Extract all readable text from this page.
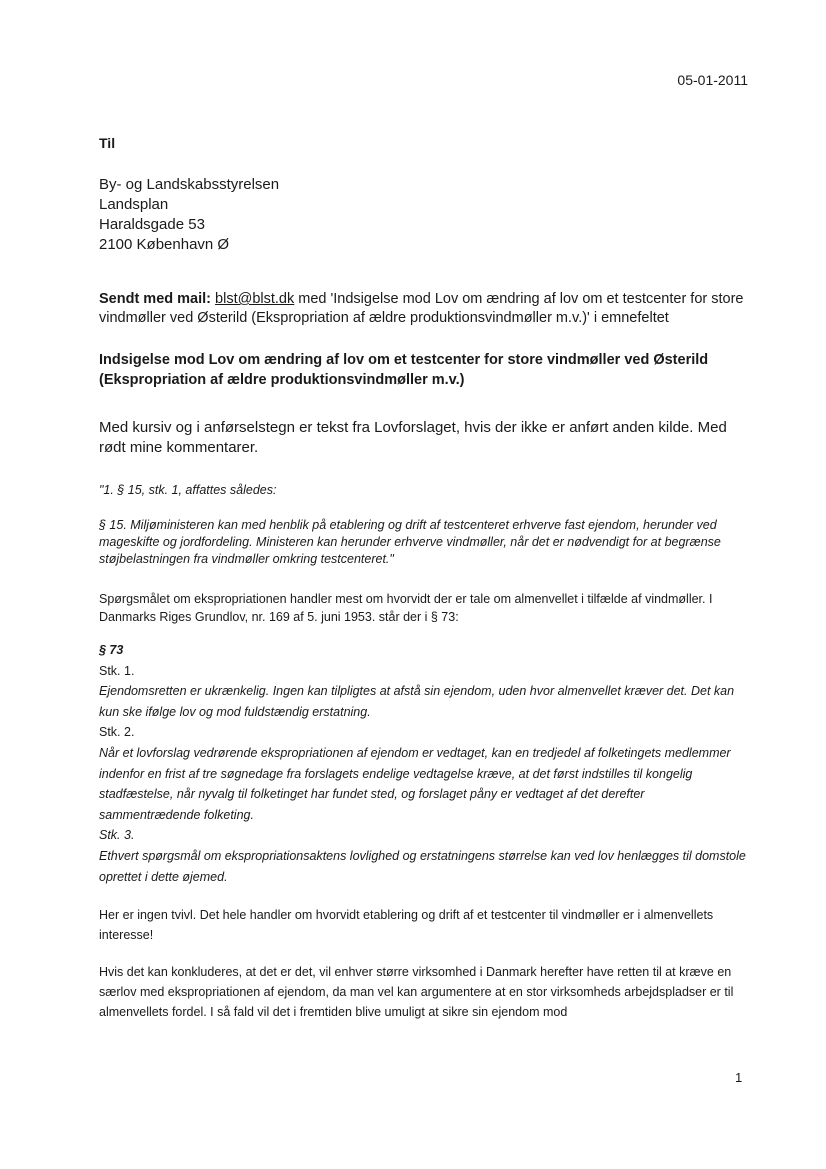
05-01-2011
Til
By- og Landskabsstyrelsen
Landsplan
Haraldsgade 53
2100 København Ø

Sendt med mail: blst@blst.dk med 'Indsigelse mod Lov om ændring af lov om et testcenter for store vindmøller ved Østerild (Ekspropriation af ældre produktionsvindmøller m.v.)' i emnefeltet

Indsigelse mod Lov om ændring af lov om et testcenter for store vindmøller ved Østerild (Ekspropriation af ældre produktionsvindmøller m.v.)

Med kursiv og i anførselstegn er tekst fra Lovforslaget, hvis der ikke er anført anden kilde. Med rødt mine kommentarer.

"1. § 15, stk. 1, affattes således:

§ 15. Miljøministeren kan med henblik på etablering og drift af testcenteret erhverve fast ejendom, herunder ved mageskifte og jordfordeling. Ministeren kan herunder erhverve vindmøller, når det er nødvendigt for at begrænse støjbelastningen fra vindmøller omkring testcenteret."

Spørgsmålet om ekspropriationen handler mest om hvorvidt der er tale om almenvellet i tilfælde af vindmøller. I Danmarks Riges Grundlov, nr. 169 af 5. juni 1953. står der i § 73:

§ 73
Stk. 1.
Ejendomsretten er ukrænkelig. Ingen kan tilpligtes at afstå sin ejendom, uden hvor almenvellet kræver det. Det kan kun ske ifølge lov og mod fuldstændig erstatning.
Stk. 2.
Når et lovforslag vedrørende ekspropriationen af ejendom er vedtaget, kan en tredjedel af folketingets medlemmer indenfor en frist af tre søgnedage fra forslagets endelige vedtagelse kræve, at det først indstilles til kongelig stadfæstelse, når nyvalg til folketinget har fundet sted, og forslaget påny er vedtaget af det derefter sammentrædende folketing.
Stk. 3.
Ethvert spørgsmål om ekspropriationsaktens lovlighed og erstatningens størrelse kan ved lov henlægges til domstole oprettet i dette øjemed.

Her er ingen tvivl. Det hele handler om hvorvidt etablering og drift af et testcenter til vindmøller er i almenvellets interesse!

Hvis det kan konkluderes, at det er det, vil enhver større virksomhed i Danmark herefter have retten til at kræve en særlov med ekspropriationen af ejendom, da man vel kan argumentere at en stor virksomheds arbejdspladser er til almenvellets fordel. I så fald vil det i fremtiden blive umuligt at sikre sin ejendom mod

1
